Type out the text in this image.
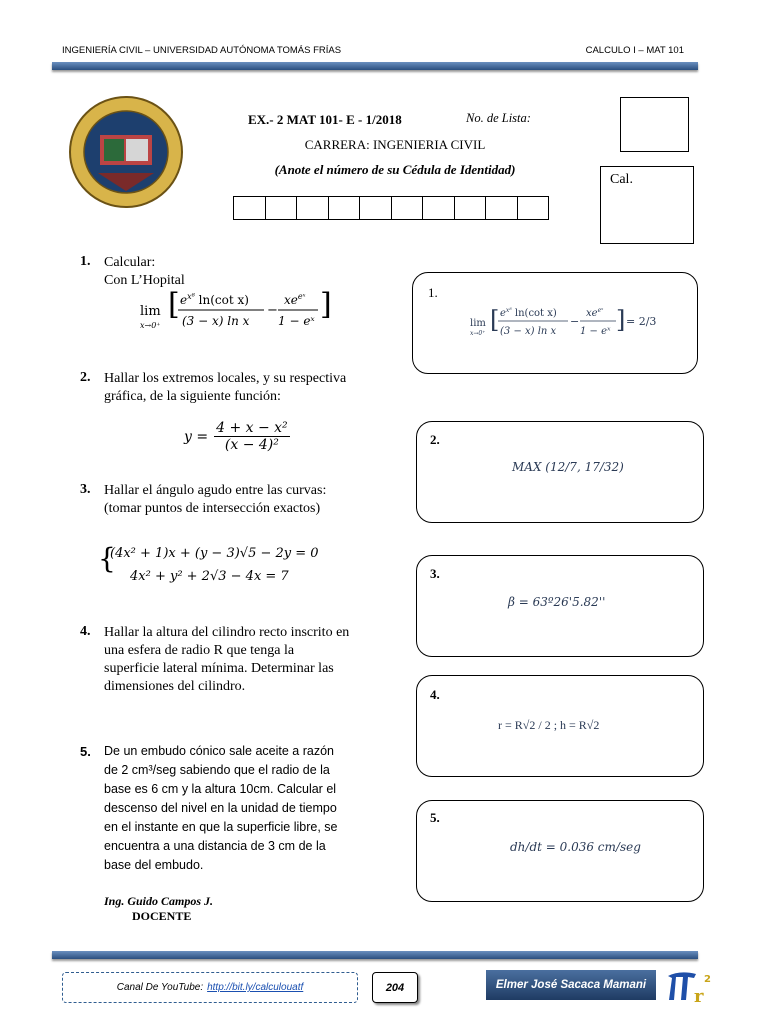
INGENIERÍA CIVIL – UNIVERSIDAD AUTÓNOMA TOMÁS FRÍAS	CALCULO I – MAT 101
EX.- 2 MAT 101- E - 1/2018	No. de Lista:
CARRERA: INGENIERIA CIVIL
(Anote el número de su Cédula de Identidad)
Cal.
1. Calcular:
Con L’Hopital
lim
x→0⁺
[ $e^{x^8}$ ln(cot x)
(3 − x) ln x
−
$xe^{eˣ}$
1 − eˣ ]
2. Hallar los extremos locales, y su respectiva
gráfica, de la siguiente función:
$y = \frac{\text{4 + x − x²}}{\text{(x − 4)²}}$
3. Hallar el ángulo agudo entre las curvas:
(tomar puntos de intersección exactos)
{
(4x² + 1)x + (y − 3)√5 − 2y = 0
4x² + y² + 2√3 − 4x = 7
4. Hallar la altura del cilindro recto inscrito en
una esfera de radio R que tenga la
superficie lateral mínima. Determinar las
dimensiones del cilindro.
5. De un embudo cónico sale aceite a razón
de 2 cm³/seg sabiendo que el radio de la
base es 6 cm y la altura 10cm. Calcular el
descenso del nivel en la unidad de tiempo
en el instante en que la superficie libre, se
encuentra a una distancia de 3 cm de la
base del embudo.
Ing. Guido Campos J.
DOCENTE
1.
lim
x→0⁺ [ $e^{x^8}$ ln(cot x)
(3 − x) ln x
−
$xe^{eˣ}$
1 − eˣ ] = 2/3
2.
MAX (12/7, 17/32)
3.
β = 63º26'5.82''
4.
r = R√2 / 2 ; h = R√2
5.
dh/dt = 0.036 cm/seg
Canal De YouTube: http://bit.ly/calculouatf	204	Elmer José Sacaca Mamani
r
2
